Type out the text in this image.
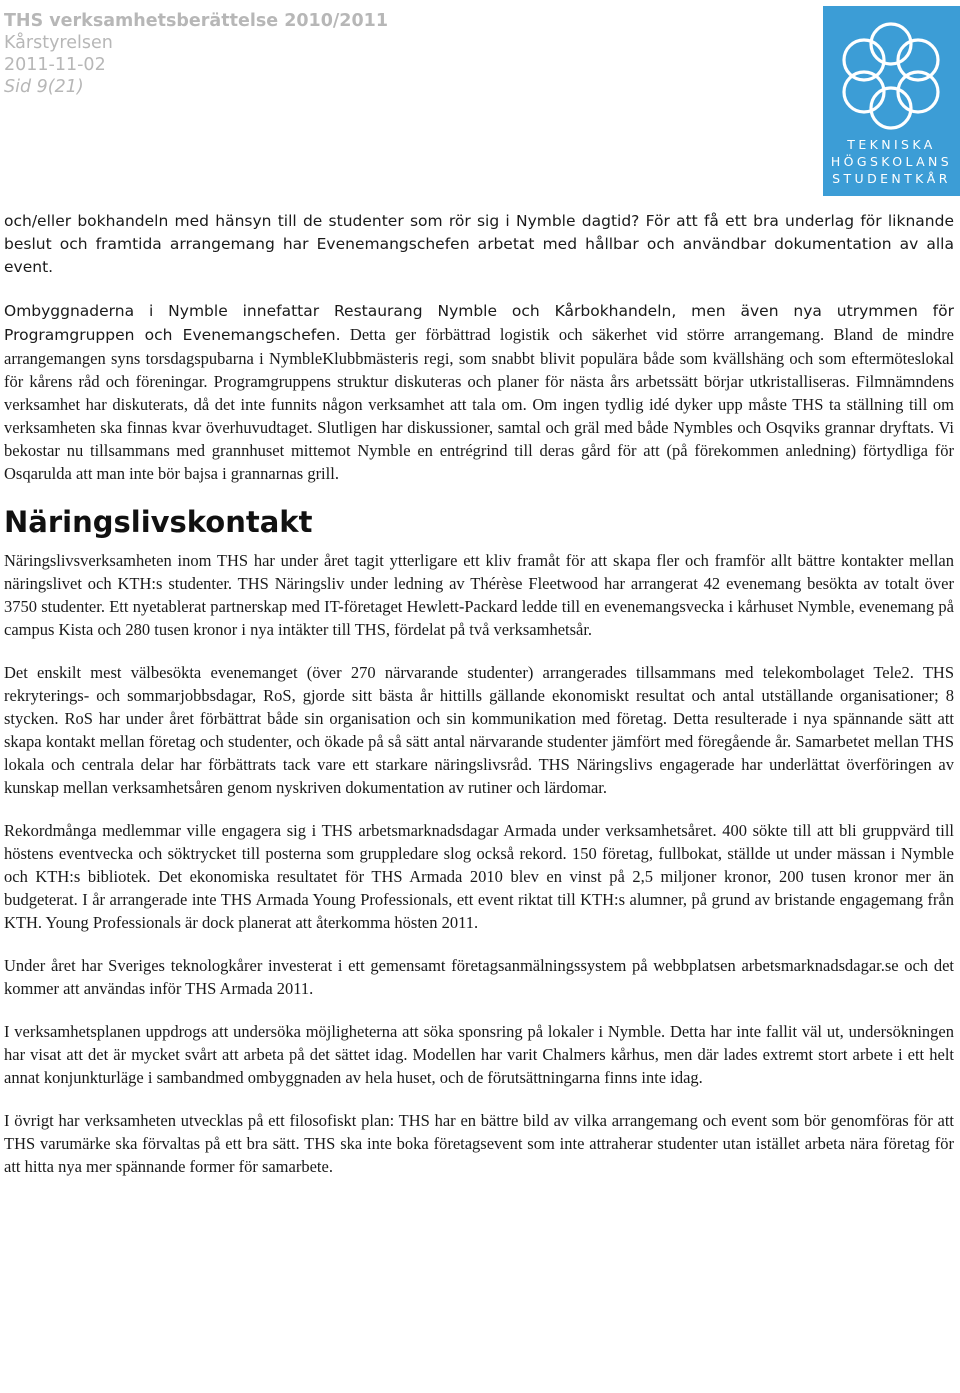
THS verksamhetsberättelse 2010/2011
Kårstyrelsen
2011-11-02
Sid 9(21)
TEKNISKA
HÖGSKOLANS
STUDENTKÅR

och/eller bokhandeln med hänsyn till de studenter som rör sig i Nymble dagtid? För att få ett bra underlag för liknande beslut och framtida arrangemang har Evenemangschefen arbetat med hållbar och användbar dokumentation av alla event.

Ombyggnaderna i Nymble innefattar Restaurang Nymble och Kårbokhandeln, men även nya utrymmen för Programgruppen och Evenemangschefen. Detta ger förbättrad logistik och säkerhet vid större arrangemang. Bland de mindre arrangemangen syns torsdagspubarna i NymbleKlubbmästeris regi, som snabbt blivit populära både som kvällshäng och som eftermöteslokal för kårens råd och föreningar. Programgruppens struktur diskuteras och planer för nästa års arbetssätt börjar utkristalliseras. Filmnämndens verksamhet har diskuterats, då det inte funnits någon verksamhet att tala om. Om ingen tydlig idé dyker upp måste THS ta ställning till om verksamheten ska finnas kvar överhuvudtaget. Slutligen har diskussioner, samtal och gräl med både Nymbles och Osqviks grannar dryftats. Vi bekostar nu tillsammans med grannhuset mittemot Nymble en entrégrind till deras gård för att (på förekommen anledning) förtydliga för Osqarulda att man inte bör bajsa i grannarnas grill.

Näringslivskontakt

Näringslivsverksamheten inom THS har under året tagit ytterligare ett kliv framåt för att skapa fler och framför allt bättre kontakter mellan näringslivet och KTH:s studenter. THS Näringsliv under ledning av Thérèse Fleetwood har arrangerat 42 evenemang besökta av totalt över 3750 studenter. Ett nyetablerat partnerskap med IT-företaget Hewlett-Packard ledde till en evenemangsvecka i kårhuset Nymble, evenemang på campus Kista och 280 tusen kronor i nya intäkter till THS, fördelat på två verksamhetsår.

Det enskilt mest välbesökta evenemanget (över 270 närvarande studenter) arrangerades tillsammans med telekombolaget Tele2. THS rekryterings- och sommarjobbsdagar, RoS, gjorde sitt bästa år hittills gällande ekonomiskt resultat och antal utställande organisationer; 8 stycken. RoS har under året förbättrat både sin organisation och sin kommunikation med företag. Detta resulterade i nya spännande sätt att skapa kontakt mellan företag och studenter, och ökade på så sätt antal närvarande studenter jämfört med föregående år. Samarbetet mellan THS lokala och centrala delar har förbättrats tack vare ett starkare näringslivsråd. THS Näringslivs engagerade har underlättat överföringen av kunskap mellan verksamhetsåren genom nyskriven dokumentation av rutiner och lärdomar.

Rekordmånga medlemmar ville engagera sig i THS arbetsmarknadsdagar Armada under verksamhetsåret. 400 sökte till att bli gruppvärd till höstens eventvecka och söktrycket till posterna som gruppledare slog också rekord. 150 företag, fullbokat, ställde ut under mässan i Nymble och KTH:s bibliotek. Det ekonomiska resultatet för THS Armada 2010 blev en vinst på 2,5 miljoner kronor, 200 tusen kronor mer än budgeterat. I år arrangerade inte THS Armada Young Professionals, ett event riktat till KTH:s alumner, på grund av bristande engagemang från KTH. Young Professionals är dock planerat att återkomma hösten 2011.

Under året har Sveriges teknologkårer investerat i ett gemensamt företagsanmälningssystem på webbplatsen arbetsmarknadsdagar.se och det kommer att användas inför THS Armada 2011.

I verksamhetsplanen uppdrogs att undersöka möjligheterna att söka sponsring på lokaler i Nymble. Detta har inte fallit väl ut, undersökningen har visat att det är mycket svårt att arbeta på det sättet idag. Modellen har varit Chalmers kårhus, men där lades extremt stort arbete i ett helt annat konjunkturläge i sambandmed ombyggnaden av hela huset, och de förutsättningarna finns inte idag.

I övrigt har verksamheten utvecklas på ett filosofiskt plan: THS har en bättre bild av vilka arrangemang och event som bör genomföras för att THS varumärke ska förvaltas på ett bra sätt. THS ska inte boka företagsevent som inte attraherar studenter utan istället arbeta nära företag för att hitta nya mer spännande former för samarbete.
